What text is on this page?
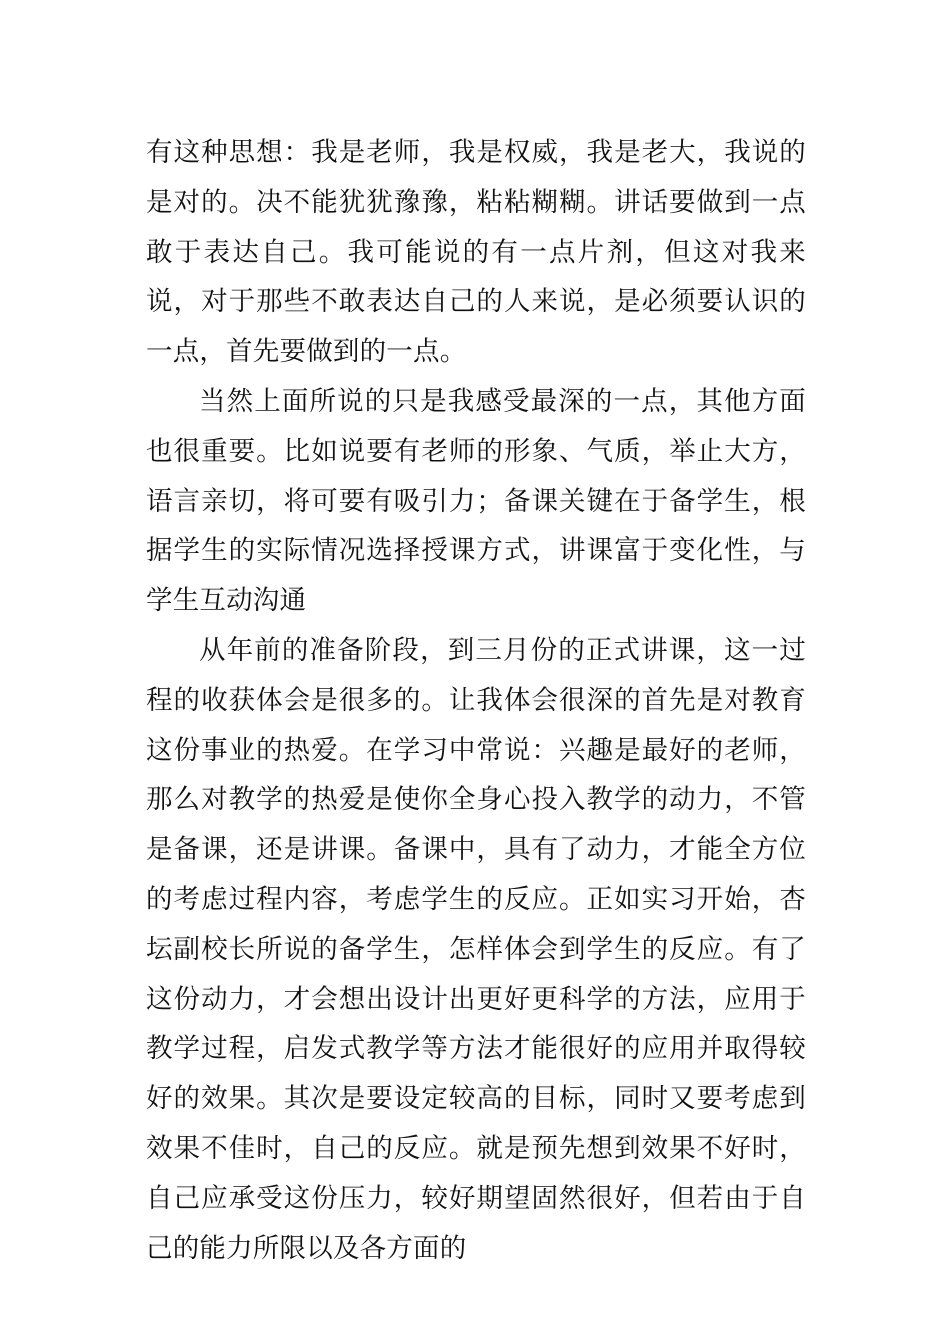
有这种思想：我是老师，我是权威，我是老大，我说的是对的。决不能犹犹豫豫，粘粘糊糊。讲话要做到一点敢于表达自己。我可能说的有一点片剂，但这对我来说，对于那些不敢表达自己的人来说，是必须要认识的一点，首先要做到的一点。

当然上面所说的只是我感受最深的一点，其他方面也很重要。比如说要有老师的形象、气质，举止大方，语言亲切，将可要有吸引力；备课关键在于备学生，根据学生的实际情况选择授课方式，讲课富于变化性，与学生互动沟通

从年前的准备阶段，到三月份的正式讲课，这一过程的收获体会是很多的。让我体会很深的首先是对教育这份事业的热爱。在学习中常说：兴趣是最好的老师，那么对教学的热爱是使你全身心投入教学的动力，不管是备课，还是讲课。备课中，具有了动力，才能全方位的考虑过程内容，考虑学生的反应。正如实习开始，杏坛副校长所说的备学生，怎样体会到学生的反应。有了这份动力，才会想出设计出更好更科学的方法，应用于教学过程，启发式教学等方法才能很好的应用并取得较好的效果。其次是要设定较高的目标，同时又要考虑到效果不佳时，自己的反应。就是预先想到效果不好时，自己应承受这份压力，较好期望固然很好，但若由于自己的能力所限以及各方面的
